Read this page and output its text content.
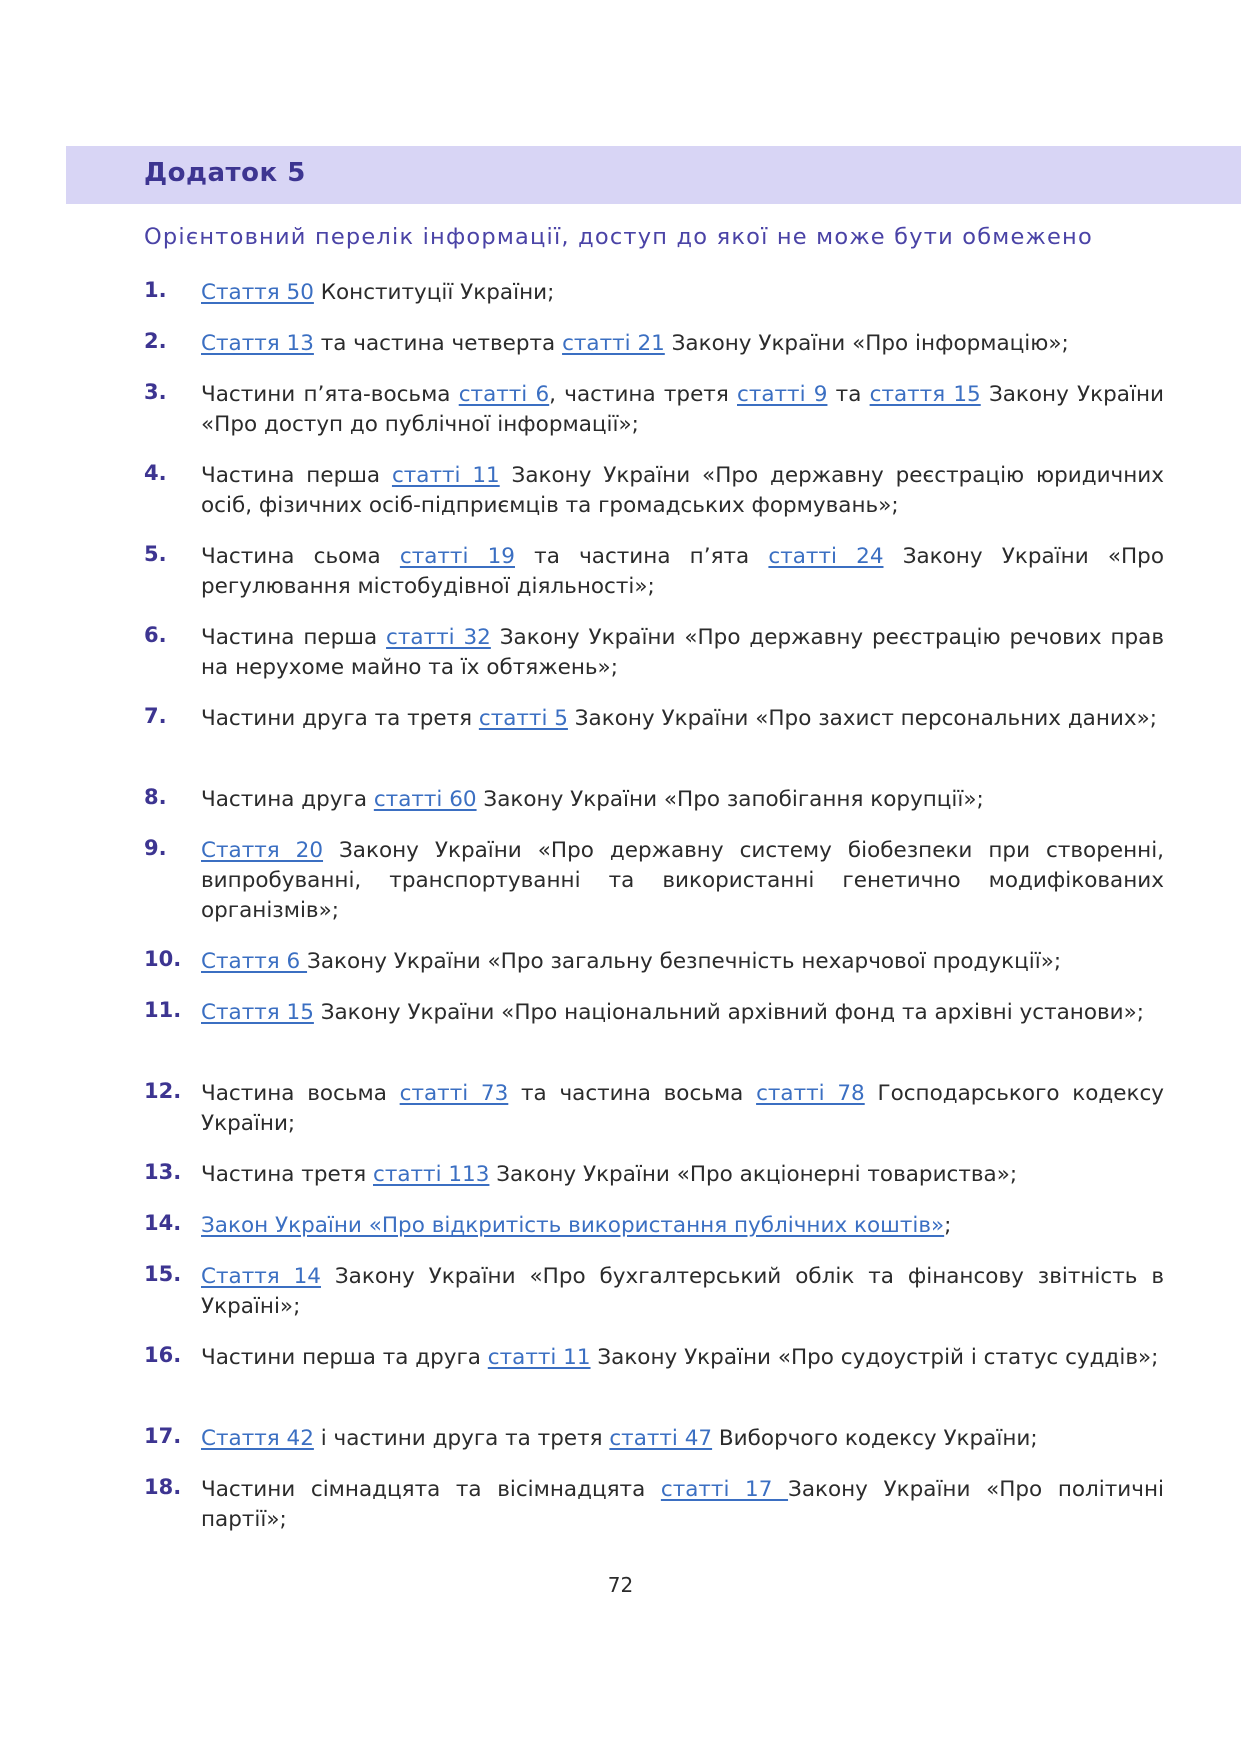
Додаток 5

Орієнтовний перелік інформації, доступ до якої не може бути обмежено

1. Стаття 50 Конституції України;
2. Стаття 13 та частина четверта статті 21 Закону України «Про інформацію»;
3. Частини п’ята-восьма статті 6, частина третя статті 9 та стаття 15 Закону України «Про доступ до публічної інформації»;
4. Частина перша статті 11 Закону України «Про державну реєстрацію юридичних осіб, фізичних осіб-підприємців та громадських формувань»;
5. Частина сьома статті 19 та частина п’ята статті 24 Закону України «Про регулювання містобудівної діяльності»;
6. Частина перша статті 32 Закону України «Про державну реєстрацію речових прав на нерухоме майно та їх обтяжень»;
7. Частини друга та третя статті 5 Закону України «Про захист персональних даних»;
8. Частина друга статті 60 Закону України «Про запобігання корупції»;
9. Стаття 20 Закону України «Про державну систему біобезпеки при створенні, випробуванні, транспортуванні та використанні генетично модифікованих організмів»;
10. Стаття 6 Закону України «Про загальну безпечність нехарчової продукції»;
11. Стаття 15 Закону України «Про національний архівний фонд та архівні установи»;
12. Частина восьма статті 73 та частина восьма статті 78 Господарського кодексу України;
13. Частина третя статті 113 Закону України «Про акціонерні товариства»;
14. Закон України «Про відкритість використання публічних коштів»;
15. Стаття 14 Закону України «Про бухгалтерський облік та фінансову звітність в Україні»;
16. Частини перша та друга статті 11 Закону України «Про судоустрій і статус суддів»;
17. Стаття 42 і частини друга та третя статті 47 Виборчого кодексу України;
18. Частини сімнадцята та вісімнадцята статті 17 Закону України «Про політичні партії»;
72
